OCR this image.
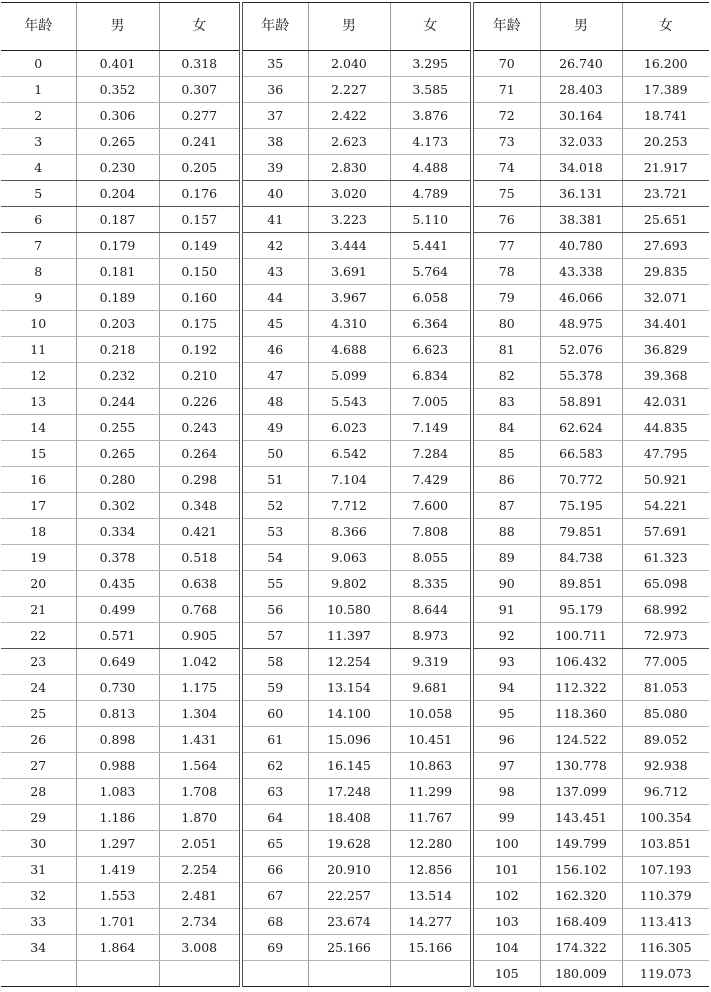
年龄	男	女	年龄	男	女	年龄	男	女
0	0.401	0.318	35	2.040	3.295	70	26.740	16.200
1	0.352	0.307	36	2.227	3.585	71	28.403	17.389
2	0.306	0.277	37	2.422	3.876	72	30.164	18.741
3	0.265	0.241	38	2.623	4.173	73	32.033	20.253
4	0.230	0.205	39	2.830	4.488	74	34.018	21.917
5	0.204	0.176	40	3.020	4.789	75	36.131	23.721
6	0.187	0.157	41	3.223	5.110	76	38.381	25.651
7	0.179	0.149	42	3.444	5.441	77	40.780	27.693
8	0.181	0.150	43	3.691	5.764	78	43.338	29.835
9	0.189	0.160	44	3.967	6.058	79	46.066	32.071
10	0.203	0.175	45	4.310	6.364	80	48.975	34.401
11	0.218	0.192	46	4.688	6.623	81	52.076	36.829
12	0.232	0.210	47	5.099	6.834	82	55.378	39.368
13	0.244	0.226	48	5.543	7.005	83	58.891	42.031
14	0.255	0.243	49	6.023	7.149	84	62.624	44.835
15	0.265	0.264	50	6.542	7.284	85	66.583	47.795
16	0.280	0.298	51	7.104	7.429	86	70.772	50.921
17	0.302	0.348	52	7.712	7.600	87	75.195	54.221
18	0.334	0.421	53	8.366	7.808	88	79.851	57.691
19	0.378	0.518	54	9.063	8.055	89	84.738	61.323
20	0.435	0.638	55	9.802	8.335	90	89.851	65.098
21	0.499	0.768	56	10.580	8.644	91	95.179	68.992
22	0.571	0.905	57	11.397	8.973	92	100.711	72.973
23	0.649	1.042	58	12.254	9.319	93	106.432	77.005
24	0.730	1.175	59	13.154	9.681	94	112.322	81.053
25	0.813	1.304	60	14.100	10.058	95	118.360	85.080
26	0.898	1.431	61	15.096	10.451	96	124.522	89.052
27	0.988	1.564	62	16.145	10.863	97	130.778	92.938
28	1.083	1.708	63	17.248	11.299	98	137.099	96.712
29	1.186	1.870	64	18.408	11.767	99	143.451	100.354
30	1.297	2.051	65	19.628	12.280	100	149.799	103.851
31	1.419	2.254	66	20.910	12.856	101	156.102	107.193
32	1.553	2.481	67	22.257	13.514	102	162.320	110.379
33	1.701	2.734	68	23.674	14.277	103	168.409	113.413
34	1.864	3.008	69	25.166	15.166	104	174.322	116.305
						105	180.009	119.073
